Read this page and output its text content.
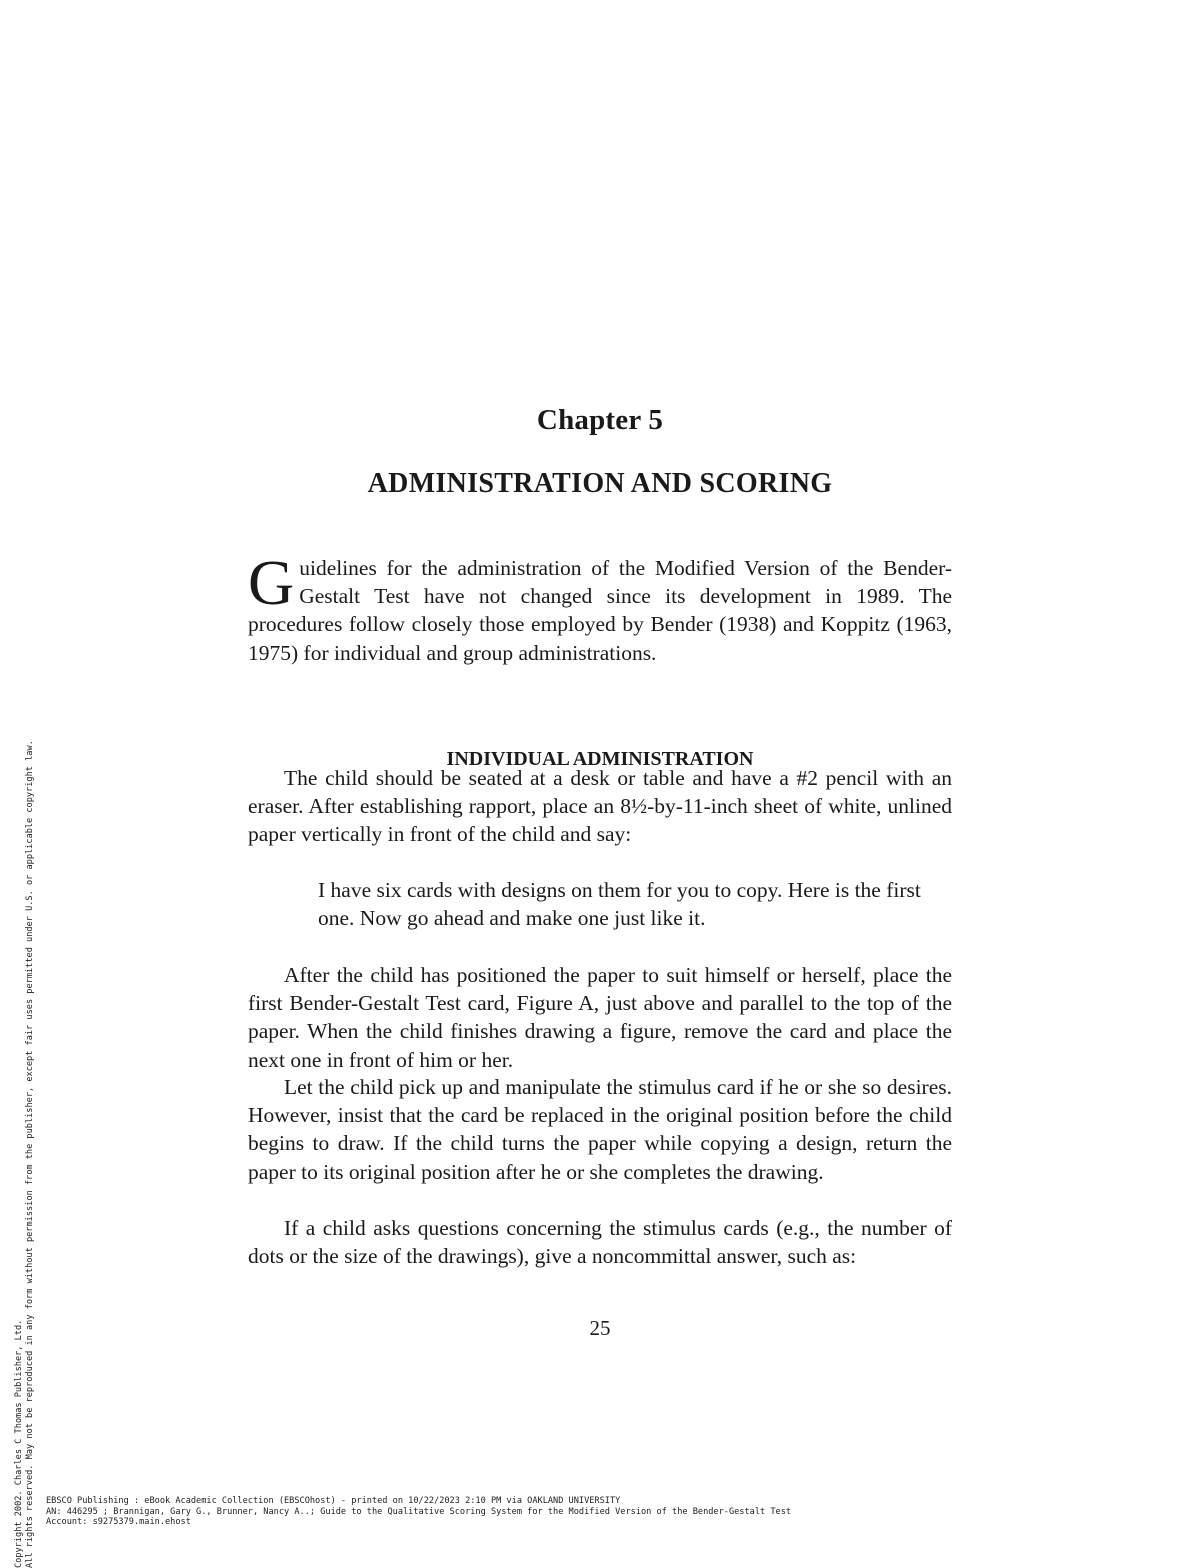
Copyright 2002. Charles C Thomas Publisher, Ltd. All rights reserved. May not be reproduced in any form without permission from the publisher, except fair uses permitted under U.S. or applicable copyright law.
Chapter 5
ADMINISTRATION AND SCORING

G uidelines for the administration of the Modified Version of the Bender-Gestalt Test have not changed since its development in 1989. The procedures follow closely those employed by Bender (1938) and Koppitz (1963, 1975) for individual and group administrations.

INDIVIDUAL ADMINISTRATION

The child should be seated at a desk or table and have a #2 pencil with an eraser. After establishing rapport, place an 8½-by-11-inch sheet of white, unlined paper vertically in front of the child and say:

I have six cards with designs on them for you to copy. Here is the first one. Now go ahead and make one just like it.

After the child has positioned the paper to suit himself or herself, place the first Bender-Gestalt Test card, Figure A, just above and parallel to the top of the paper. When the child finishes drawing a figure, remove the card and place the next one in front of him or her.

Let the child pick up and manipulate the stimulus card if he or she so desires. However, insist that the card be replaced in the original position before the child begins to draw. If the child turns the paper while copying a design, return the paper to its original position after he or she completes the drawing.

If a child asks questions concerning the stimulus cards (e.g., the number of dots or the size of the drawings), give a noncommittal answer, such as:

25

EBSCO Publishing : eBook Academic Collection (EBSCOhost) - printed on 10/22/2023 2:10 PM via OAKLAND UNIVERSITY
AN: 446295 ; Brannigan, Gary G., Brunner, Nancy A..; Guide to the Qualitative Scoring System for the Modified Version of the Bender-Gestalt Test
Account: s9275379.main.ehost
